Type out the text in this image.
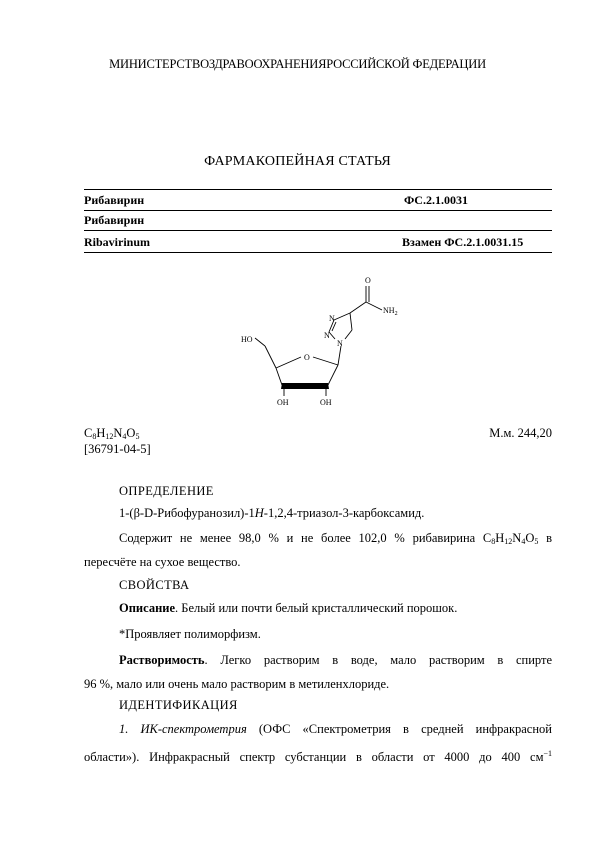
МИНИСТЕРСТВОЗДРАВООХРАНЕНИЯРОССИЙСКОЙ ФЕДЕРАЦИИ
ФАРМАКОПЕЙНАЯ СТАТЬЯ
Рибавирин	ФС.2.1.0031
Рибавирин
Ribavirinum	Взамен ФС.2.1.0031.15
O
$NH_2$
N
N
N
HO
O
OH	OH
$C_8H_{12}N_4O_5$	М.м. 244,20
[36791-04-5]
ОПРЕДЕЛЕНИЕ
1-(β-D-Рибофуранозил)-1H-1,2,4-триазол-3-карбоксамид.
Содержит не менее 98,0 % и не более 102,0 % рибавирина $C_8H_{12}N_4O_5$ в
пересчёте на сухое вещество.
СВОЙСТВА
Описание. Белый или почти белый кристаллический порошок.
*Проявляет полиморфизм.
Растворимость. Легко растворим в воде, мало растворим в спирте
96 %, мало или очень мало растворим в метиленхлориде.
ИДЕНТИФИКАЦИЯ
1. ИК-спектрометрия (ОФС «Спектрометрия в средней инфракрасной
области»). Инфракрасный спектр субстанции в области от 4000 до 400 $см^{-1}$
